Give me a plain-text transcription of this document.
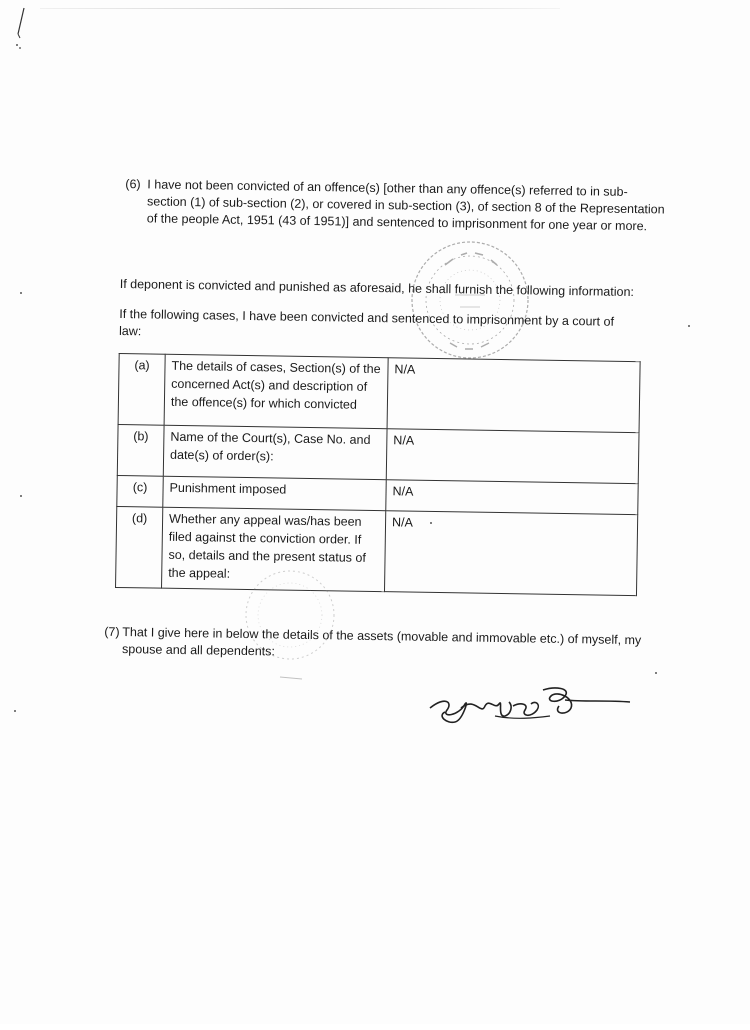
(6) I have not been convicted of an offence(s) [other than any offence(s) referred to in sub-section (1) of sub-section (2), or covered in sub-section (3), of section 8 of the Representation of the people Act, 1951 (43 of 1951)] and sentenced to imprisonment for one year or more.
If deponent is convicted and punished as aforesaid, he shall furnish the following information:
If the following cases, I have been convicted and sentenced to imprisonment by a court of law:
(a)	The details of cases, Section(s) of the concerned Act(s) and description of the offence(s) for which convicted	N/A
(b)	Name of the Court(s), Case No. and date(s) of order(s):	N/A
(c)	Punishment imposed	N/A
(d)	Whether any appeal was/has been filed against the conviction order. If so, details and the present status of the appeal:	N/A
(7) That I give here in below the details of the assets (movable and immovable etc.) of myself, my spouse and all dependents:
